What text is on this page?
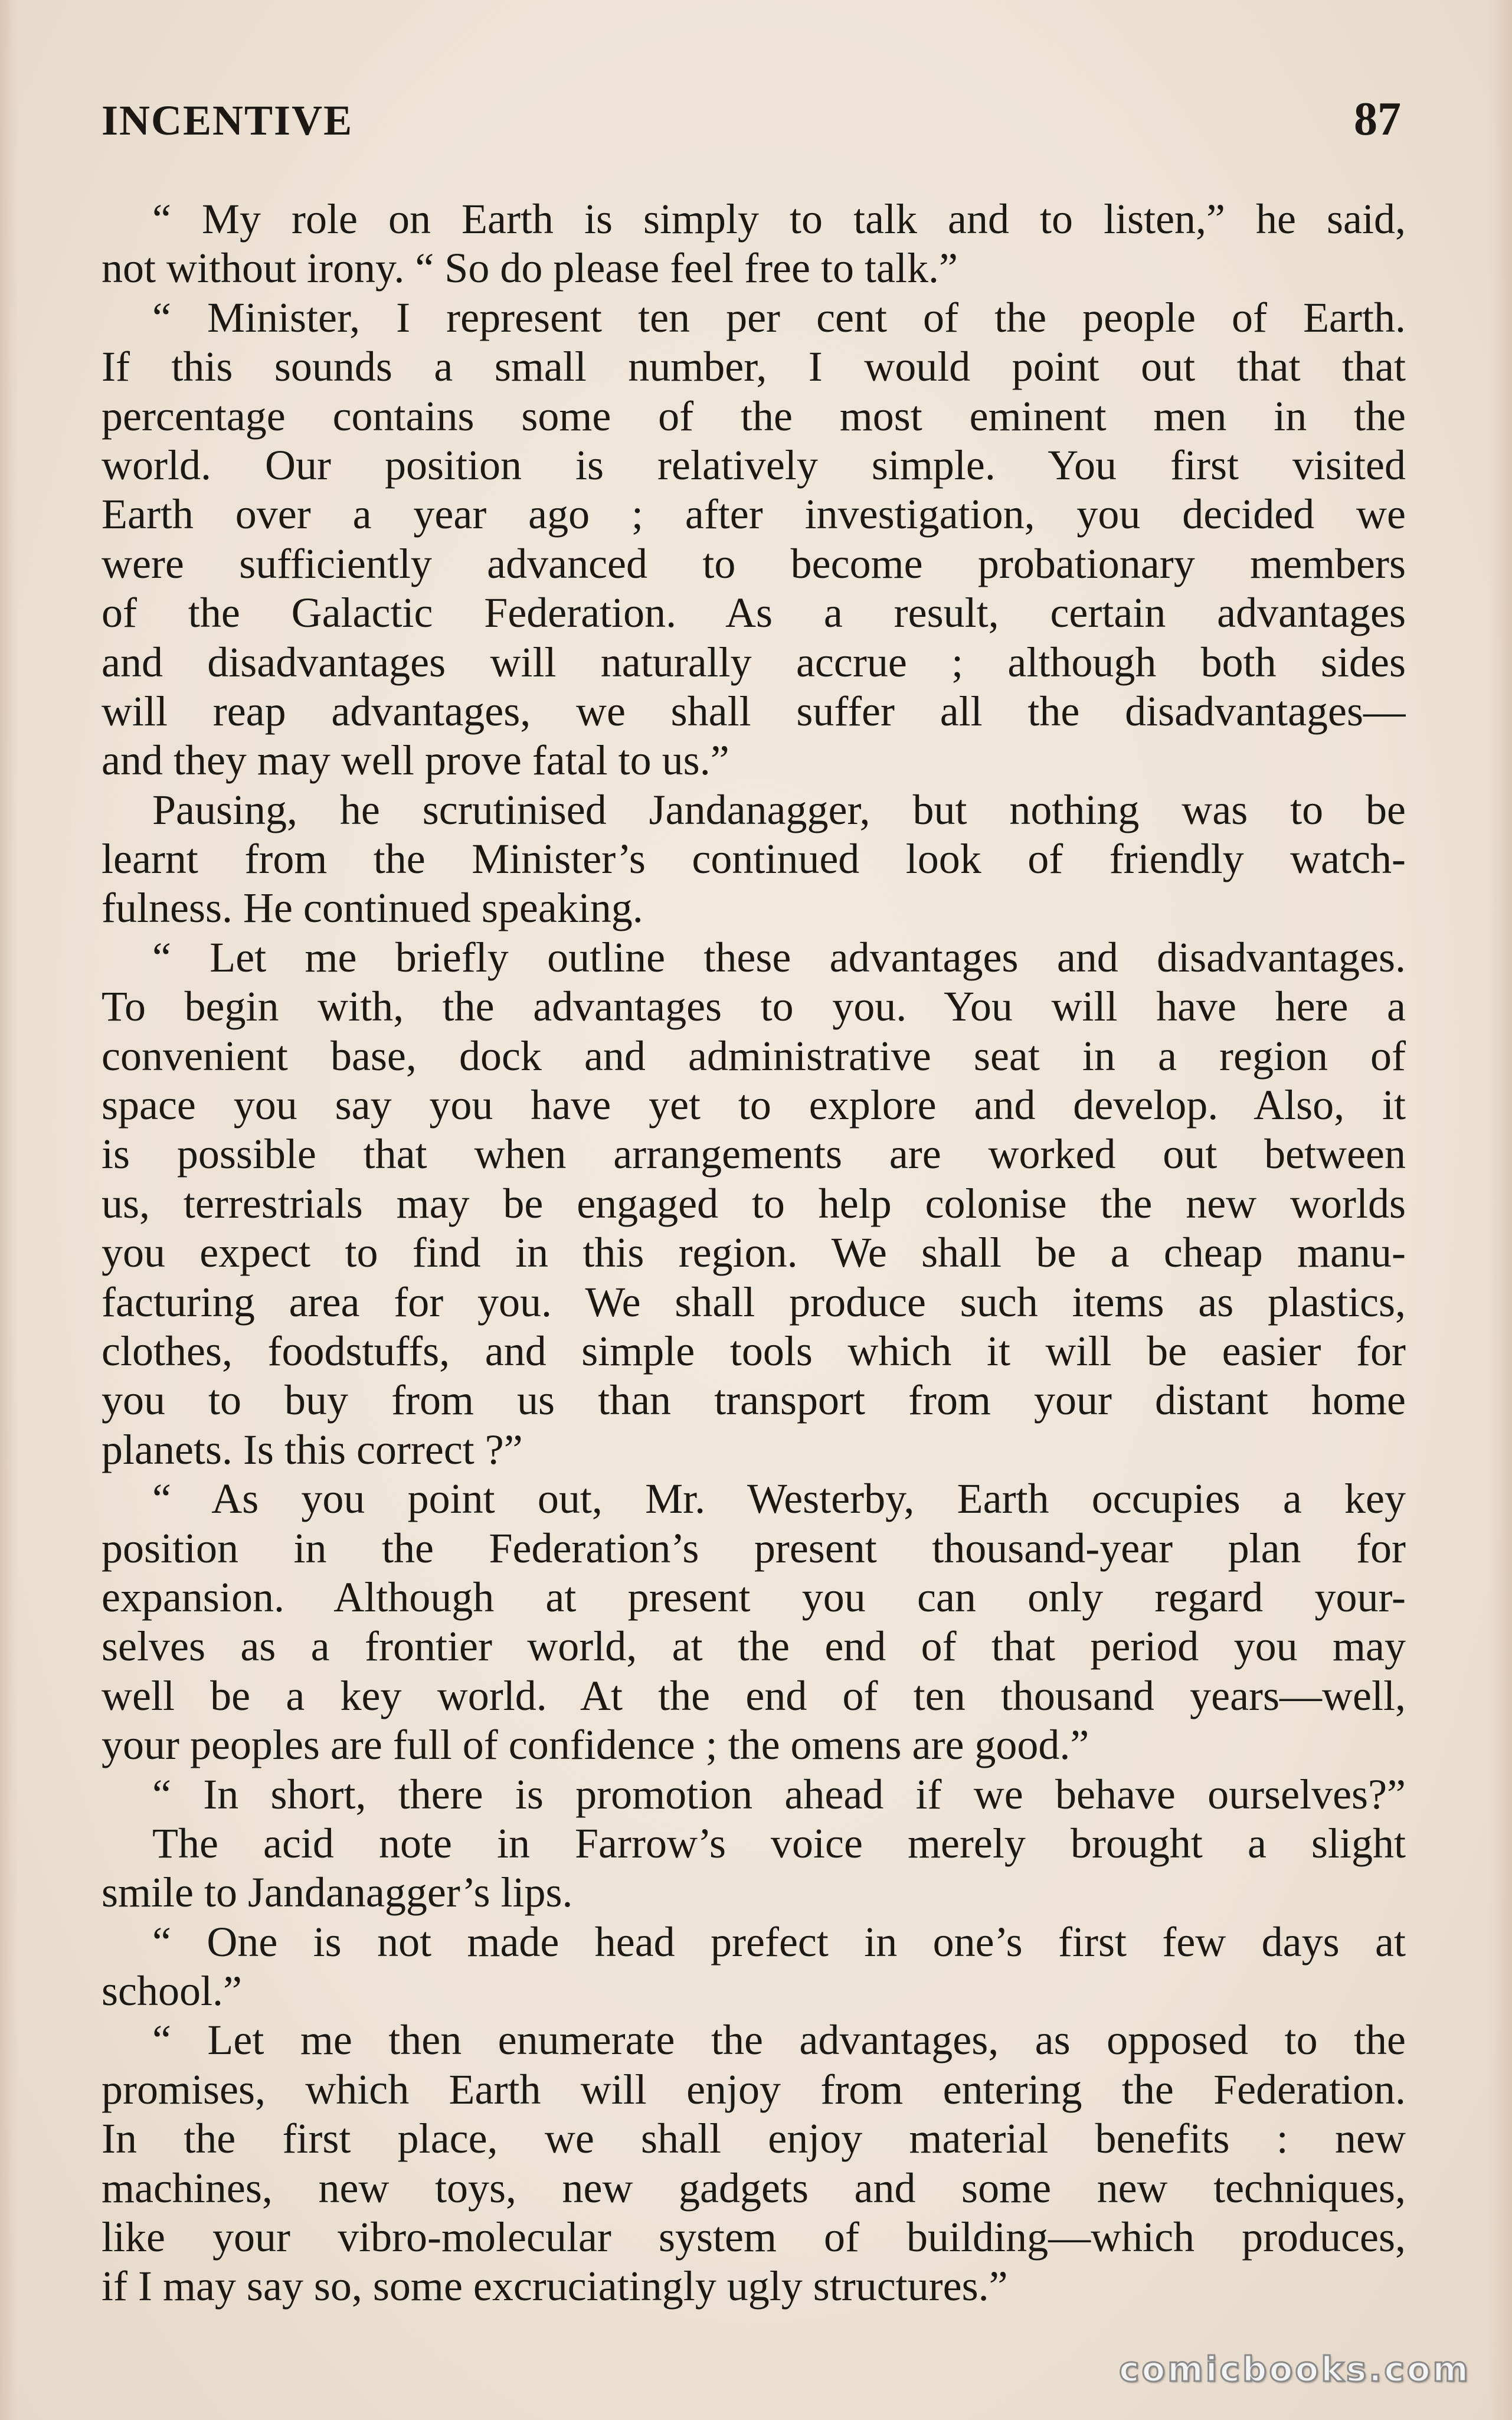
INCENTIVE	87
“ My role on Earth is simply to talk and to listen,” he said,
not without irony. “ So do please feel free to talk.”
“ Minister, I represent ten per cent of the people of Earth.
If this sounds a small number, I would point out that that
percentage contains some of the most eminent men in the
world. Our position is relatively simple. You first visited
Earth over a year ago ; after investigation, you decided we
were sufficiently advanced to become probationary members
of the Galactic Federation. As a result, certain advantages
and disadvantages will naturally accrue ; although both sides
will reap advantages, we shall suffer all the disadvantages—
and they may well prove fatal to us.”
Pausing, he scrutinised Jandanagger, but nothing was to be
learnt from the Minister’s continued look of friendly watch-
fulness. He continued speaking.
“ Let me briefly outline these advantages and disadvantages.
To begin with, the advantages to you. You will have here a
convenient base, dock and administrative seat in a region of
space you say you have yet to explore and develop. Also, it
is possible that when arrangements are worked out between
us, terrestrials may be engaged to help colonise the new worlds
you expect to find in this region. We shall be a cheap manu-
facturing area for you. We shall produce such items as plastics,
clothes, foodstuffs, and simple tools which it will be easier for
you to buy from us than transport from your distant home
planets. Is this correct ?”
“ As you point out, Mr. Westerby, Earth occupies a key
position in the Federation’s present thousand-year plan for
expansion. Although at present you can only regard your-
selves as a frontier world, at the end of that period you may
well be a key world. At the end of ten thousand years—well,
your peoples are full of confidence ; the omens are good.”
“ In short, there is promotion ahead if we behave ourselves?”
The acid note in Farrow’s voice merely brought a slight
smile to Jandanagger’s lips.
“ One is not made head prefect in one’s first few days at
school.”
“ Let me then enumerate the advantages, as opposed to the
promises, which Earth will enjoy from entering the Federation.
In the first place, we shall enjoy material benefits : new
machines, new toys, new gadgets and some new techniques,
like your vibro-molecular system of building—which produces,
if I may say so, some excruciatingly ugly structures.”
comicbooks.com
